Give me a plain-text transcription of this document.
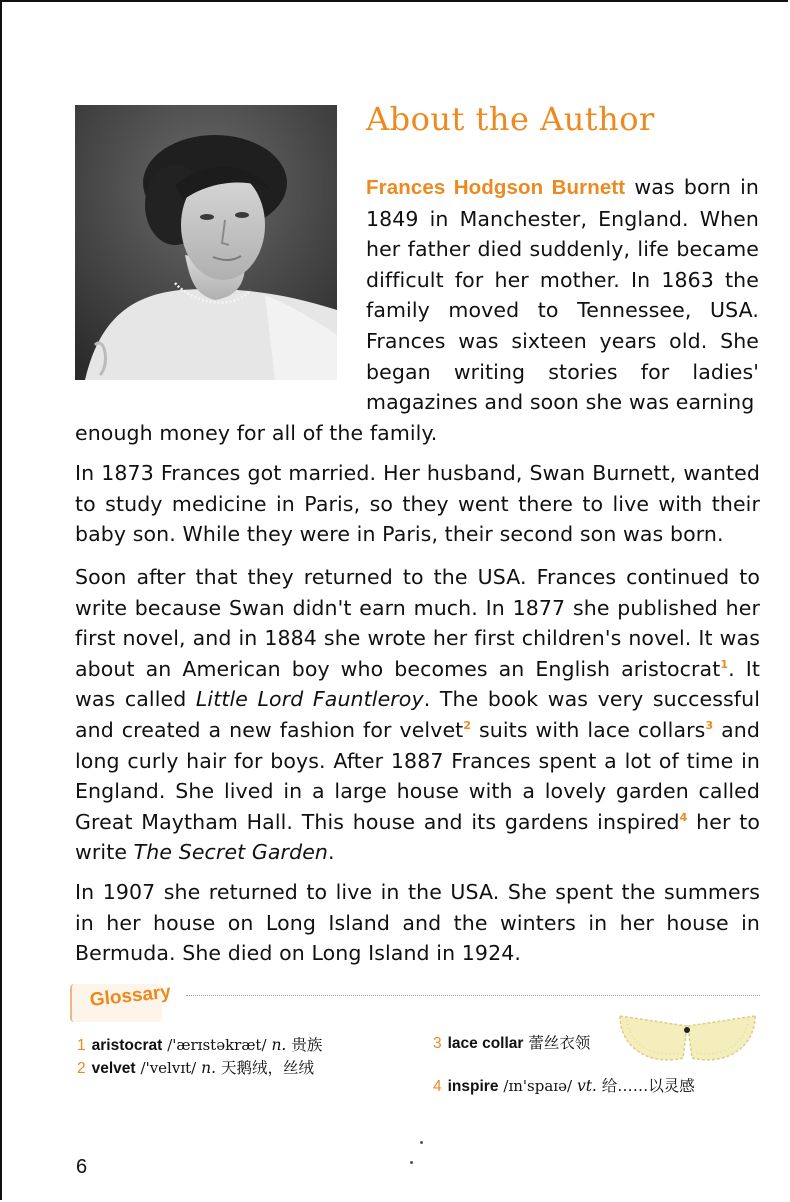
About the Author

Frances Hodgson Burnett was born in 1849 in Manchester, England. When her father died suddenly, life became difficult for her mother. In 1863 the family moved to Tennessee, USA. Frances was sixteen years old. She began writing stories for ladies' magazines and soon she was earning

enough money for all of the family.

In 1873 Frances got married. Her husband, Swan Burnett, wanted to study medicine in Paris, so they went there to live with their baby son. While they were in Paris, their second son was born.

Soon after that they returned to the USA. Frances continued to write because Swan didn't earn much. In 1877 she published her first novel, and in 1884 she wrote her first children's novel. It was about an American boy who becomes an English aristocrat$^1$. It was called Little Lord Fauntleroy. The book was very successful and created a new fashion for velvet$^2$ suits with lace collars$^3$ and long curly hair for boys. After 1887 Frances spent a lot of time in England. She lived in a large house with a lovely garden called Great Maytham Hall. This house and its gardens inspired$^4$ her to write The Secret Garden.

In 1907 she returned to live in the USA. She spent the summers in her house on Long Island and the winters in her house in Bermuda. She died on Long Island in 1924.

Glossary
1 aristocrat /'ærɪstəkræt/ n. 贵族
2 velvet /'velvɪt/ n. 天鹅绒，丝绒
3 lace collar 蕾丝衣领
4 inspire /ɪn'spaɪə/ vt. 给……以灵感
6
